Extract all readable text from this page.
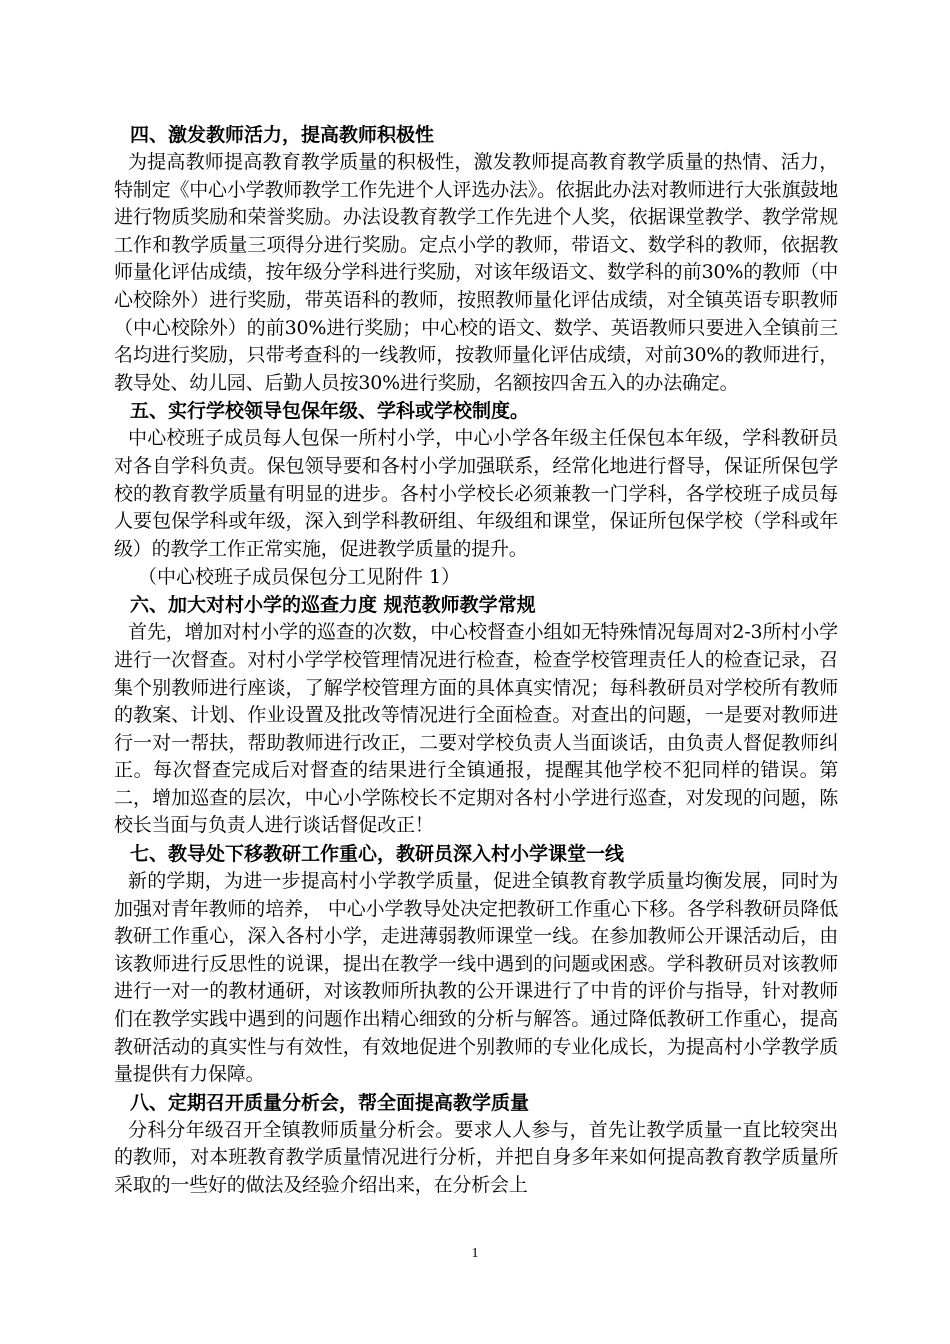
四、激发教师活力，提高教师积极性

为提高教师提高教育教学质量的积极性，激发教师提高教育教学质量的热情、活力，特制定《中心小学教师教学工作先进个人评选办法》。依据此办法对教师进行大张旗鼓地进行物质奖励和荣誉奖励。办法设教育教学工作先进个人奖，依据课堂教学、教学常规工作和教学质量三项得分进行奖励。定点小学的教师，带语文、数学科的教师，依据教师量化评估成绩，按年级分学科进行奖励，对该年级语文、数学科的前30%的教师（中心校除外）进行奖励，带英语科的教师，按照教师量化评估成绩，对全镇英语专职教师（中心校除外）的前30%进行奖励；中心校的语文、数学、英语教师只要进入全镇前三名均进行奖励，只带考查科的一线教师，按教师量化评估成绩，对前30%的教师进行，教导处、幼儿园、后勤人员按30%进行奖励，名额按四舍五入的办法确定。

五、实行学校领导包保年级、学科或学校制度。

中心校班子成员每人包保一所村小学，中心小学各年级主任保包本年级，学科教研员对各自学科负责。保包领导要和各村小学加强联系，经常化地进行督导，保证所保包学校的教育教学质量有明显的进步。各村小学校长必须兼教一门学科，各学校班子成员每人要包保学科或年级，深入到学科教研组、年级组和课堂，保证所包保学校（学科或年级）的教学工作正常实施，促进教学质量的提升。

（中心校班子成员保包分工见附件 1）

六、加大对村小学的巡查力度 规范教师教学常规

首先，增加对村小学的巡查的次数，中心校督查小组如无特殊情况每周对2-3所村小学进行一次督查。对村小学学校管理情况进行检查，检查学校管理责任人的检查记录，召集个别教师进行座谈，了解学校管理方面的具体真实情况；每科教研员对学校所有教师的教案、计划、作业设置及批改等情况进行全面检查。对查出的问题，一是要对教师进行一对一帮扶，帮助教师进行改正，二要对学校负责人当面谈话，由负责人督促教师纠正。每次督查完成后对督查的结果进行全镇通报，提醒其他学校不犯同样的错误。第二，增加巡查的层次，中心小学陈校长不定期对各村小学进行巡查，对发现的问题，陈校长当面与负责人进行谈话督促改正！

七、教导处下移教研工作重心，教研员深入村小学课堂一线

新的学期，为进一步提高村小学教学质量，促进全镇教育教学质量均衡发展，同时为加强对青年教师的培养， 中心小学教导处决定把教研工作重心下移。各学科教研员降低教研工作重心，深入各村小学，走进薄弱教师课堂一线。在参加教师公开课活动后，由该教师进行反思性的说课，提出在教学一线中遇到的问题或困惑。学科教研员对该教师进行一对一的教材通研，对该教师所执教的公开课进行了中肯的评价与指导，针对教师们在教学实践中遇到的问题作出精心细致的分析与解答。通过降低教研工作重心，提高教研活动的真实性与有效性，有效地促进个别教师的专业化成长，为提高村小学教学质量提供有力保障。

八、定期召开质量分析会，帮全面提高教学质量

分科分年级召开全镇教师质量分析会。要求人人参与，首先让教学质量一直比较突出的教师，对本班教育教学质量情况进行分析，并把自身多年来如何提高教育教学质量所采取的一些好的做法及经验介绍出来，在分析会上

1
